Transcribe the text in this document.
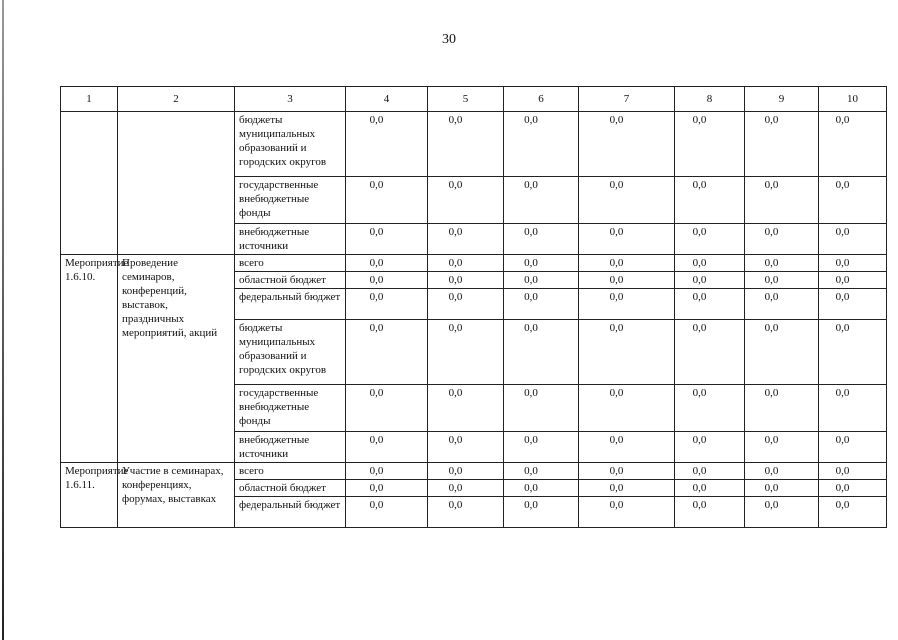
30
1	2	3	4	5	6	7	8	9	10
		бюджеты муниципальных образований и городских округов	0,0	0,0	0,0	0,0	0,0	0,0	0,0
		государственные внебюджетные фонды	0,0	0,0	0,0	0,0	0,0	0,0	0,0
		внебюджетные источники	0,0	0,0	0,0	0,0	0,0	0,0	0,0
Мероприятие 1.6.10.	Проведение семинаров, конференций, выставок, праздничных мероприятий, акций	всего	0,0	0,0	0,0	0,0	0,0	0,0	0,0
		областной бюджет	0,0	0,0	0,0	0,0	0,0	0,0	0,0
		федеральный бюджет	0,0	0,0	0,0	0,0	0,0	0,0	0,0
		бюджеты муниципальных образований и городских округов	0,0	0,0	0,0	0,0	0,0	0,0	0,0
		государственные внебюджетные фонды	0,0	0,0	0,0	0,0	0,0	0,0	0,0
		внебюджетные источники	0,0	0,0	0,0	0,0	0,0	0,0	0,0
Мероприятие 1.6.11.	Участие в семинарах, конференциях, форумах, выставках	всего	0,0	0,0	0,0	0,0	0,0	0,0	0,0
		областной бюджет	0,0	0,0	0,0	0,0	0,0	0,0	0,0
		федеральный бюджет	0,0	0,0	0,0	0,0	0,0	0,0	0,0
